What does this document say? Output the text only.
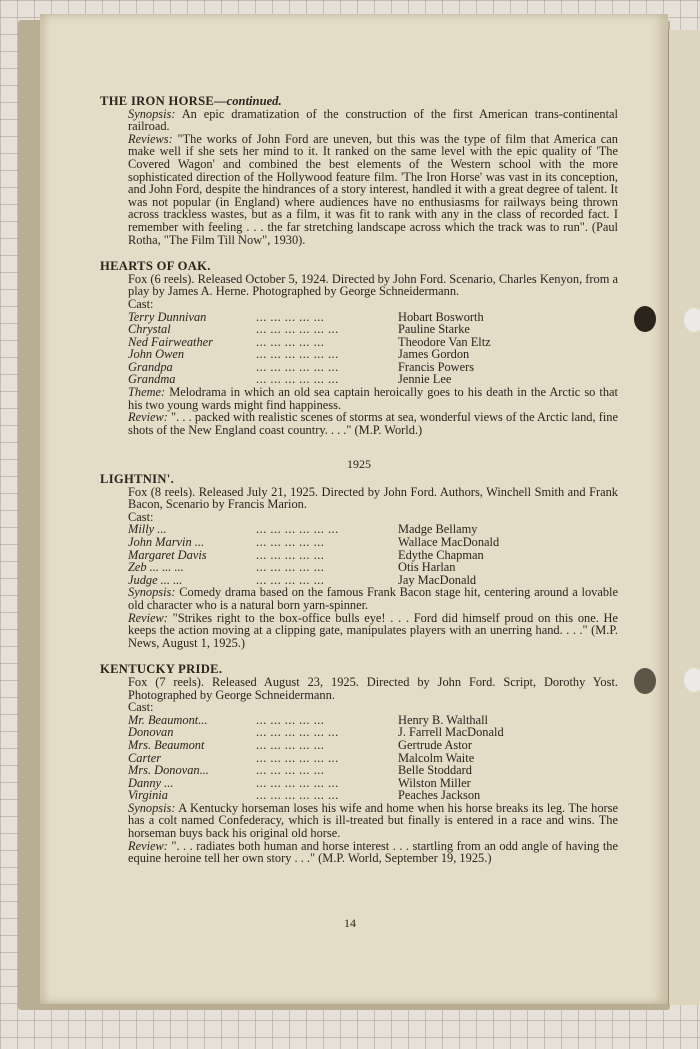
THE IRON HORSE—continued.
Synopsis: An epic dramatization of the construction of the first American trans-continental railroad.
Reviews: "The works of John Ford are uneven, but this was the type of film that America can make well if she sets her mind to it. It ranked on the same level with the epic quality of 'The Covered Wagon' and combined the best elements of the Western school with the more sophisticated direction of the Hollywood feature film. 'The Iron Horse' was vast in its conception, and John Ford, despite the hindrances of a story interest, handled it with a great degree of talent. It was not popular (in England) where audiences have no enthusiasms for railways being thrown across trackless wastes, but as a film, it was fit to rank with any in the class of recorded fact. I remember with feeling . . . the far stretching landscape across which the track was to run". (Paul Rotha, "The Film Till Now", 1930).
HEARTS OF OAK.
Fox (6 reels). Released October 5, 1924. Directed by John Ford. Scenario, Charles Kenyon, from a play by James A. Herne. Photographed by George Schneidermann.
Cast:
Terry Dunnivan	... ... ... ... ...	Hobart Bosworth
Chrystal	... ... ... ... ... ...	Pauline Starke
Ned Fairweather	... ... ... ... ...	Theodore Van Eltz
John Owen	... ... ... ... ... ...	James Gordon
Grandpa	... ... ... ... ... ...	Francis Powers
Grandma	... ... ... ... ... ...	Jennie Lee
Theme: Melodrama in which an old sea captain heroically goes to his death in the Arctic so that his two young wards might find happiness.
Review: ". . . packed with realistic scenes of storms at sea, wonderful views of the Arctic land, fine shots of the New England coast country. . . ." (M.P. World.)
1925
LIGHTNIN'.
Fox (8 reels). Released July 21, 1925. Directed by John Ford. Authors, Winchell Smith and Frank Bacon, Scenario by Francis Marion.
Cast:
Milly ...	... ... ... ... ... ...	Madge Bellamy
John Marvin ...	... ... ... ... ...	Wallace MacDonald
Margaret Davis	... ... ... ... ...	Edythe Chapman
Zeb ... ... ...	... ... ... ... ...	Otis Harlan
Judge ... ...	... ... ... ... ...	Jay MacDonald
Synopsis: Comedy drama based on the famous Frank Bacon stage hit, centering around a lovable old character who is a natural born yarn-spinner.
Review: "Strikes right to the box-office bulls eye! . . . Ford did himself proud on this one. He keeps the action moving at a clipping gate, manipulates players with an unerring hand. . . ." (M.P. News, August 1, 1925.)
KENTUCKY PRIDE.
Fox (7 reels). Released August 23, 1925. Directed by John Ford. Script, Dorothy Yost. Photographed by George Schneidermann.
Cast:
Mr. Beaumont...	... ... ... ... ...	Henry B. Walthall
Donovan	... ... ... ... ... ...	J. Farrell MacDonald
Mrs. Beaumont	... ... ... ... ...	Gertrude Astor
Carter	... ... ... ... ... ...	Malcolm Waite
Mrs. Donovan...	... ... ... ... ...	Belle Stoddard
Danny ...	... ... ... ... ... ...	Wilston Miller
Virginia	... ... ... ... ... ...	Peaches Jackson
Synopsis: A Kentucky horseman loses his wife and home when his horse breaks its leg. The horse has a colt named Confederacy, which is ill-treated but finally is entered in a race and wins. The horseman buys back his original old horse.
Review: ". . . radiates both human and horse interest . . . startling from an odd angle of having the equine heroine tell her own story . . ." (M.P. World, September 19, 1925.)
14
